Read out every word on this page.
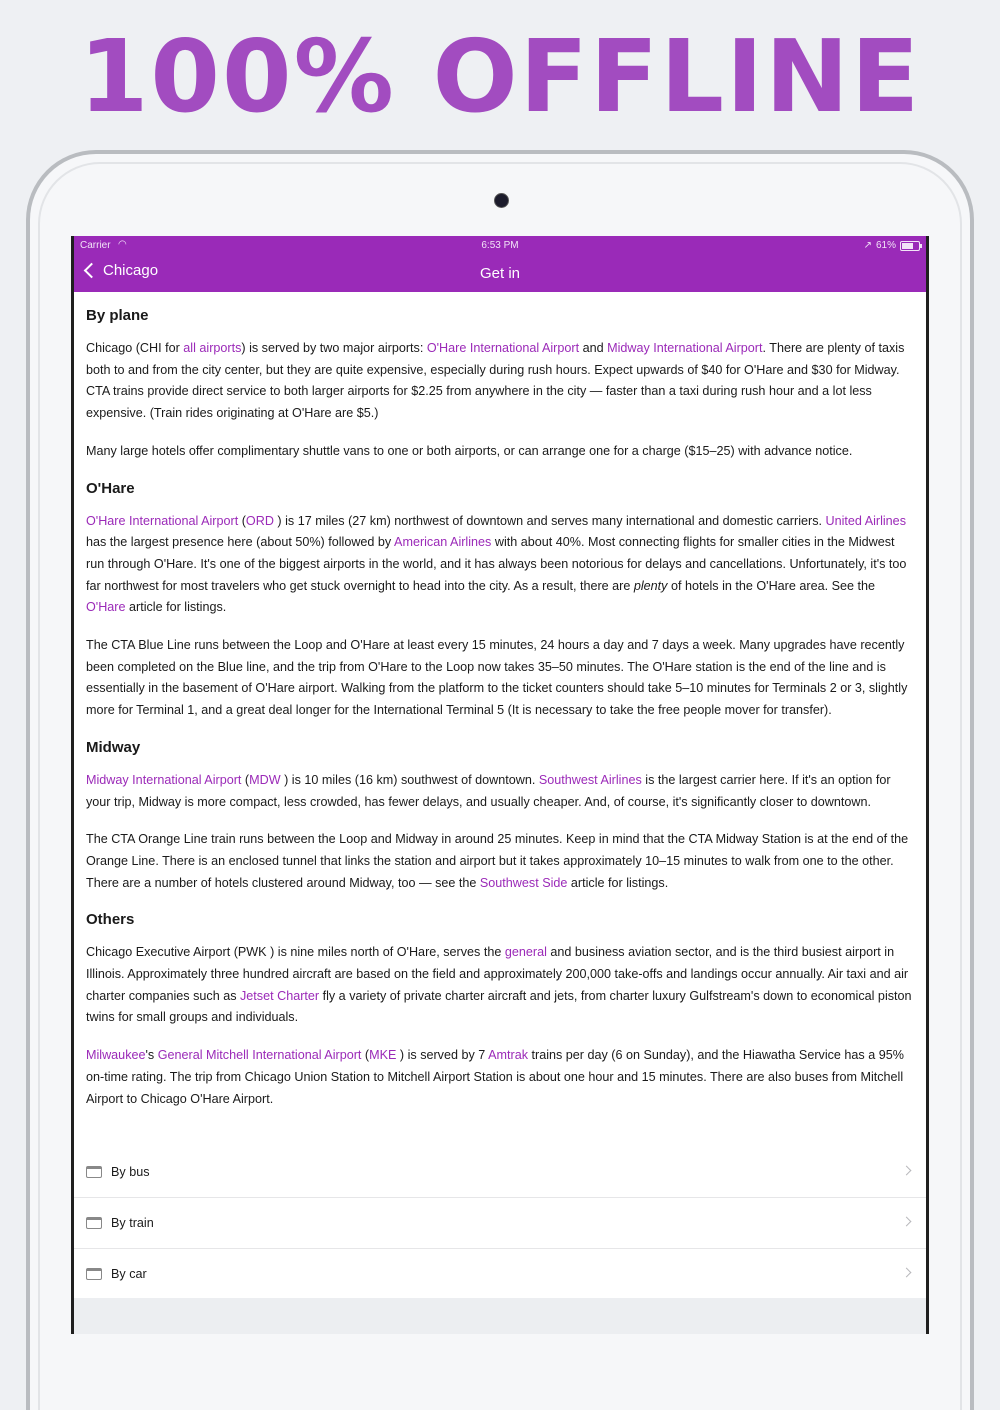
100% OFFLINE
Carrier ◠	6:53 PM	↗ 61%
Chicago	Get in
By plane

Chicago (CHI for all airports) is served by two major airports: O'Hare International Airport and Midway International Airport. There are plenty of taxis both to and from the city center, but they are quite expensive, especially during rush hours. Expect upwards of $40 for O'Hare and $30 for Midway. CTA trains provide direct service to both larger airports for $2.25 from anywhere in the city — faster than a taxi during rush hour and a lot less expensive. (Train rides originating at O'Hare are $5.)

Many large hotels offer complimentary shuttle vans to one or both airports, or can arrange one for a charge ($15–25) with advance notice.

O'Hare

O'Hare International Airport (ORD ) is 17 miles (27 km) northwest of downtown and serves many international and domestic carriers. United Airlines has the largest presence here (about 50%) followed by American Airlines with about 40%. Most connecting flights for smaller cities in the Midwest run through O'Hare. It's one of the biggest airports in the world, and it has always been notorious for delays and cancellations. Unfortunately, it's too far northwest for most travelers who get stuck overnight to head into the city. As a result, there are plenty of hotels in the O'Hare area. See the O'Hare article for listings.

The CTA Blue Line runs between the Loop and O'Hare at least every 15 minutes, 24 hours a day and 7 days a week. Many upgrades have recently been completed on the Blue line, and the trip from O'Hare to the Loop now takes 35–50 minutes. The O'Hare station is the end of the line and is essentially in the basement of O'Hare airport. Walking from the platform to the ticket counters should take 5–10 minutes for Terminals 2 or 3, slightly more for Terminal 1, and a great deal longer for the International Terminal 5 (It is necessary to take the free people mover for transfer).

Midway

Midway International Airport (MDW ) is 10 miles (16 km) southwest of downtown. Southwest Airlines is the largest carrier here. If it's an option for your trip, Midway is more compact, less crowded, has fewer delays, and usually cheaper. And, of course, it's significantly closer to downtown.

The CTA Orange Line train runs between the Loop and Midway in around 25 minutes. Keep in mind that the CTA Midway Station is at the end of the Orange Line. There is an enclosed tunnel that links the station and airport but it takes approximately 10–15 minutes to walk from one to the other. There are a number of hotels clustered around Midway, too — see the Southwest Side article for listings.

Others

Chicago Executive Airport (PWK ) is nine miles north of O'Hare, serves the general and business aviation sector, and is the third busiest airport in Illinois. Approximately three hundred aircraft are based on the field and approximately 200,000 take-offs and landings occur annually. Air taxi and air charter companies such as Jetset Charter fly a variety of private charter aircraft and jets, from charter luxury Gulfstream's down to economical piston twins for small groups and individuals.

Milwaukee's General Mitchell International Airport (MKE ) is served by 7 Amtrak trains per day (6 on Sunday), and the Hiawatha Service has a 95% on-time rating. The trip from Chicago Union Station to Mitchell Airport Station is about one hour and 15 minutes. There are also buses from Mitchell Airport to Chicago O'Hare Airport.

By bus
By train
By car
